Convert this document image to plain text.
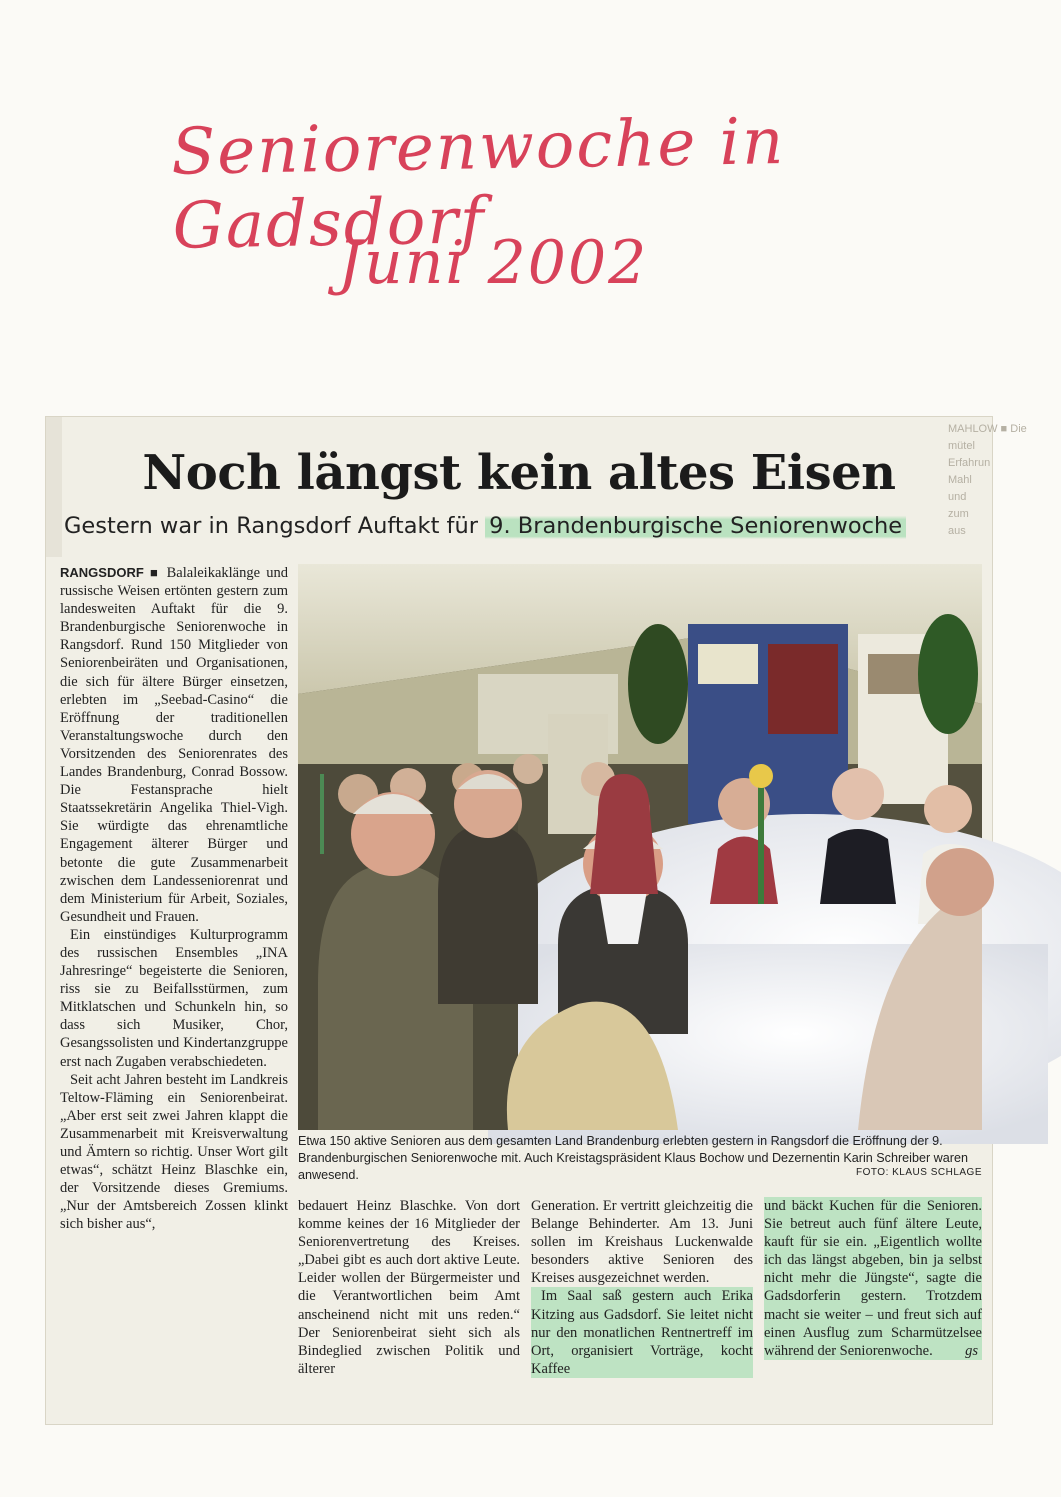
Seniorenwoche in Gadsdorf
Juni 2002
Noch längst kein altes Eisen
Gestern war in Rangsdorf Auftakt für 9. Brandenburgische Seniorenwoche

RANGSDORF ■ Balaleikaklänge und russische Weisen ertönten gestern zum landesweiten Auftakt für die 9. Brandenburgische Seniorenwoche in Rangsdorf. Rund 150 Mitglieder von Seniorenbeiräten und Organisationen, die sich für ältere Bürger einsetzen, erlebten im „Seebad-Casino“ die Eröffnung der traditionellen Veranstaltungswoche durch den Vorsitzenden des Seniorenrates des Landes Brandenburg, Conrad Bossow. Die Festansprache hielt Staatssekretärin Angelika Thiel-Vigh. Sie würdigte das ehrenamtliche Engagement älterer Bürger und betonte die gute Zusammenarbeit zwischen dem Landesseniorenrat und dem Ministerium für Arbeit, Soziales, Gesundheit und Frauen.

Ein einstündiges Kulturprogramm des russischen Ensembles „INA Jahresringe“ begeisterte die Senioren, riss sie zu Beifallsstürmen, zum Mitklatschen und Schunkeln hin, so dass sich Musiker, Chor, Gesangssolisten und Kindertanzgruppe erst nach Zugaben verabschiedeten.

Seit acht Jahren besteht im Landkreis Teltow-Fläming ein Seniorenbeirat. „Aber erst seit zwei Jahren klappt die Zusammenarbeit mit Kreisverwaltung und Ämtern so richtig. Unser Wort gilt etwas“, schätzt Heinz Blaschke ein, der Vorsitzende dieses Gremiums. „Nur der Amtsbereich Zossen klinkt sich bisher aus“,

Etwa 150 aktive Senioren aus dem gesamten Land Brandenburg erlebten gestern in Rangsdorf die Eröffnung der 9. Brandenburgischen Seniorenwoche mit. Auch Kreistagspräsident Klaus Bochow und Dezernentin Karin Schreiber waren anwesend.	FOTO: KLAUS SCHLAGE

bedauert Heinz Blaschke. Von dort komme keines der 16 Mitglieder der Seniorenvertretung des Kreises. „Dabei gibt es auch dort aktive Leute. Leider wollen der Bürgermeister und die Verantwortlichen beim Amt anscheinend nicht mit uns reden.“ Der Seniorenbeirat sieht sich als Bindeglied zwischen Politik und älterer

Generation. Er vertritt gleichzeitig die Belange Behinderter. Am 13. Juni sollen im Kreishaus Luckenwalde besonders aktive Senioren des Kreises ausgezeichnet werden.

Im Saal saß gestern auch Erika Kitzing aus Gadsdorf. Sie leitet nicht nur den monatlichen Rentnertreff im Ort, organisiert Vorträge, kocht Kaffee

und bäckt Kuchen für die Senioren. Sie betreut auch fünf ältere Leute, kauft für sie ein. „Eigentlich wollte ich das längst abgeben, bin ja selbst nicht mehr die Jüngste“, sagte die Gadsdorferin gestern. Trotzdem macht sie weiter – und freut sich auf einen Ausflug zum Scharmützelsee während der Seniorenwoche. gs

MAHLOW ■ Die
mütel
Erfahrun
Mahl
und
zum
aus
